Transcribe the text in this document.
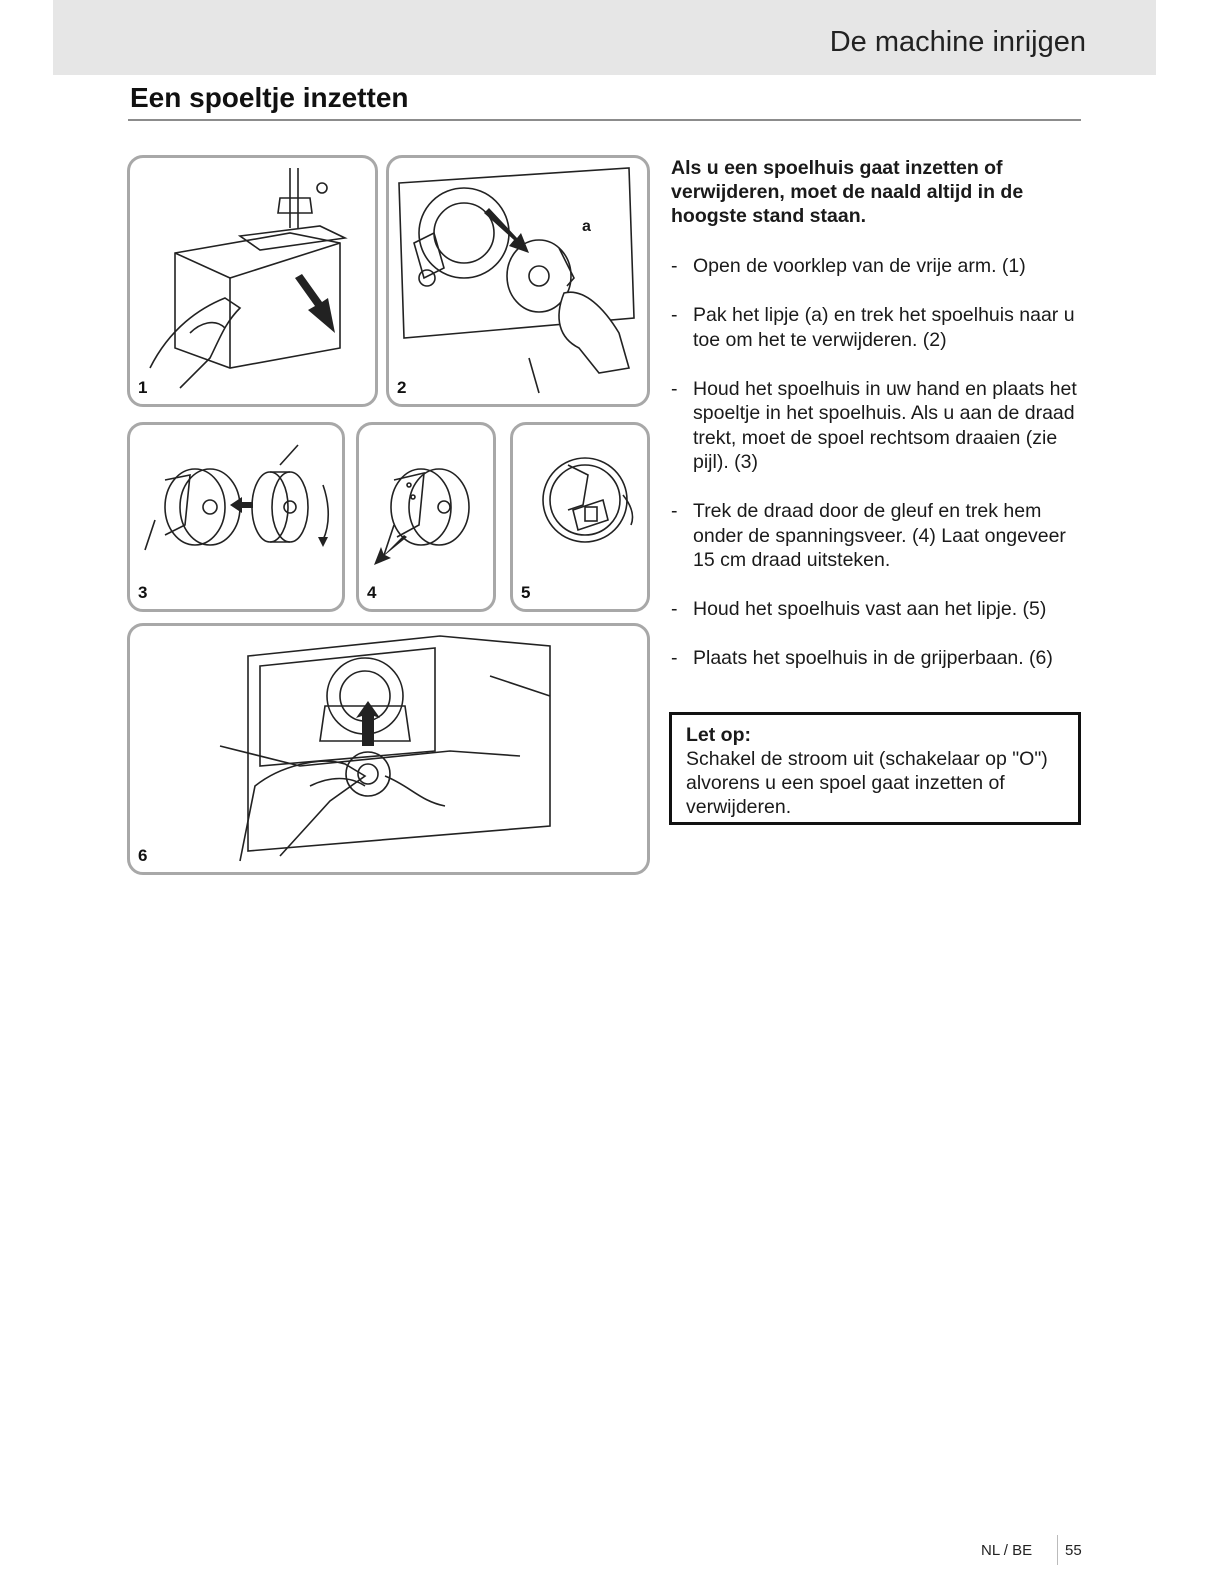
De machine inrijgen
Een spoeltje inzetten
1
a
2
3	4	5
6

Als u een spoelhuis gaat inzetten of verwijderen, moet de naald altijd in de hoogste stand staan.

- Open de voorklep van de vrije arm. (1)
- Pak het lipje (a) en trek het spoelhuis naar u toe om het te verwijderen. (2)
- Houd het spoelhuis in uw hand en plaats het spoeltje in het spoelhuis. Als u aan de draad trekt, moet de spoel rechtsom draaien (zie pijl). (3)
- Trek de draad door de gleuf en trek hem onder de spanningsveer. (4) Laat ongeveer 15 cm draad uitsteken.
- Houd het spoelhuis vast aan het lipje. (5)
- Plaats het spoelhuis in de grijperbaan. (6)
Let op:
Schakel de stroom uit (schakelaar op "O") alvorens u een spoel gaat inzetten of verwijderen.
NL / BE 55
